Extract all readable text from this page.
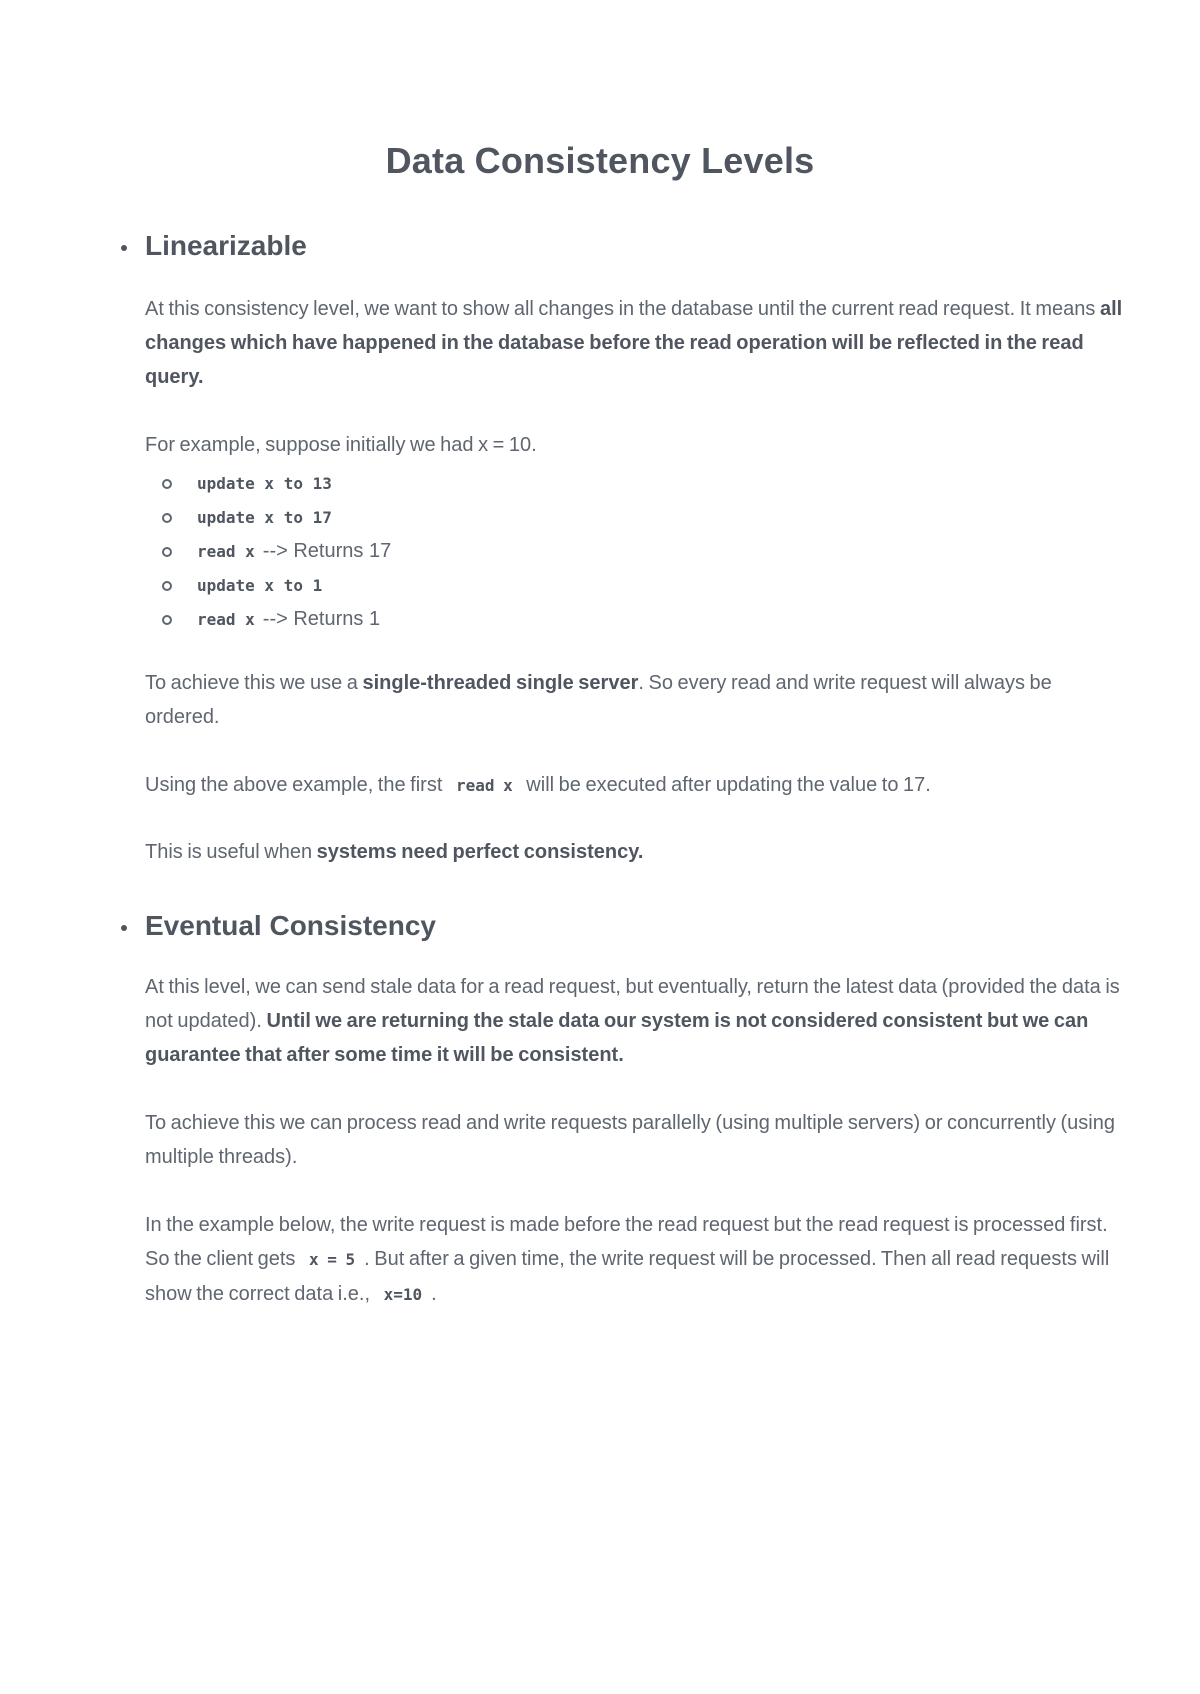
Data Consistency Levels
Linearizable

At this consistency level, we want to show all changes in the database until the current read request. It means all changes which have happened in the database before the read operation will be reflected in the read query.

For example, suppose initially we had x = 10.

update x to 13
update x to 17
read x --> Returns 17
update x to 1
read x --> Returns 1

To achieve this we use a single-threaded single server. So every read and write request will always be ordered.

Using the above example, the first read x will be executed after updating the value to 17.

This is useful when systems need perfect consistency.

Eventual Consistency

At this level, we can send stale data for a read request, but eventually, return the latest data (provided the data is not updated). Until we are returning the stale data our system is not considered consistent but we can guarantee that after some time it will be consistent.

To achieve this we can process read and write requests parallelly (using multiple servers) or concurrently (using multiple threads).

In the example below, the write request is made before the read request but the read request is processed first. So the client gets x = 5 . But after a given time, the write request will be processed. Then all read requests will show the correct data i.e., x=10 .
